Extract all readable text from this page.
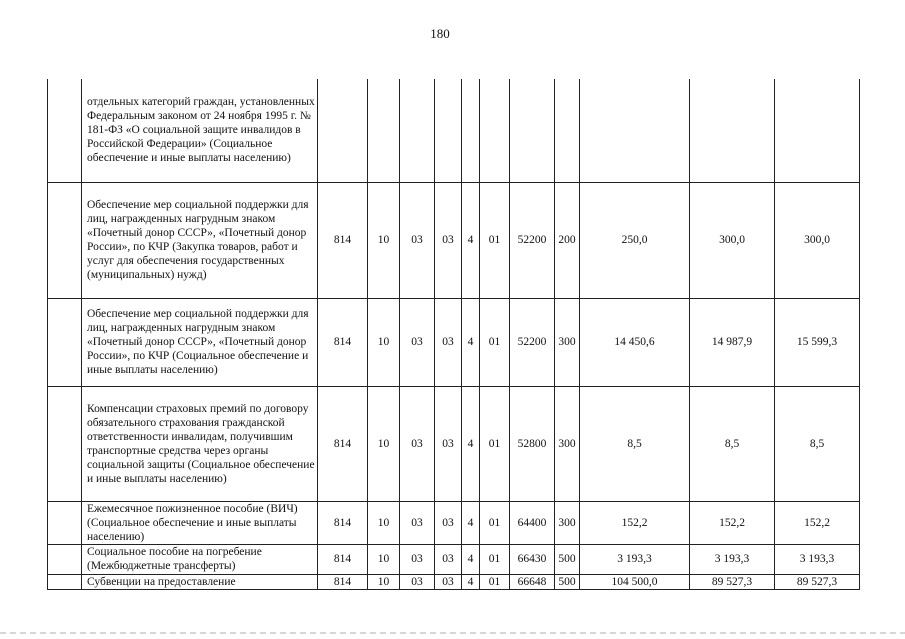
180
	отдельных категорий граждан, установленных Федеральным законом от 24 ноября 1995 г. № 181-ФЗ «О социальной защите инвалидов в Российской Федерации» (Социальное обеспечение и иные выплаты населению)											
	Обеспечение мер социальной поддержки для лиц, награжденных нагрудным знаком «Почетный донор СССР», «Почетный донор России», по КЧР (Закупка товаров, работ и услуг для обеспечения государственных (муниципальных) нужд)	814	10	03	03	4	01	52200	200	250,0	300,0	300,0
	Обеспечение мер социальной поддержки для лиц, награжденных нагрудным знаком «Почетный донор СССР», «Почетный донор России», по КЧР (Социальное обеспечение и иные выплаты населению)	814	10	03	03	4	01	52200	300	14 450,6	14 987,9	15 599,3
	Компенсации страховых премий по договору обязательного страхования гражданской ответственности инвалидам, получившим транспортные средства через органы социальной защиты (Социальное обеспечение и иные выплаты населению)	814	10	03	03	4	01	52800	300	8,5	8,5	8,5
	Ежемесячное пожизненное пособие (ВИЧ) (Социальное обеспечение и иные выплаты населению)	814	10	03	03	4	01	64400	300	152,2	152,2	152,2
	Социальное пособие на погребение (Межбюджетные трансферты)	814	10	03	03	4	01	66430	500	3 193,3	3 193,3	3 193,3
	Субвенции на предоставление	814	10	03	03	4	01	66648	500	104 500,0	89 527,3	89 527,3
